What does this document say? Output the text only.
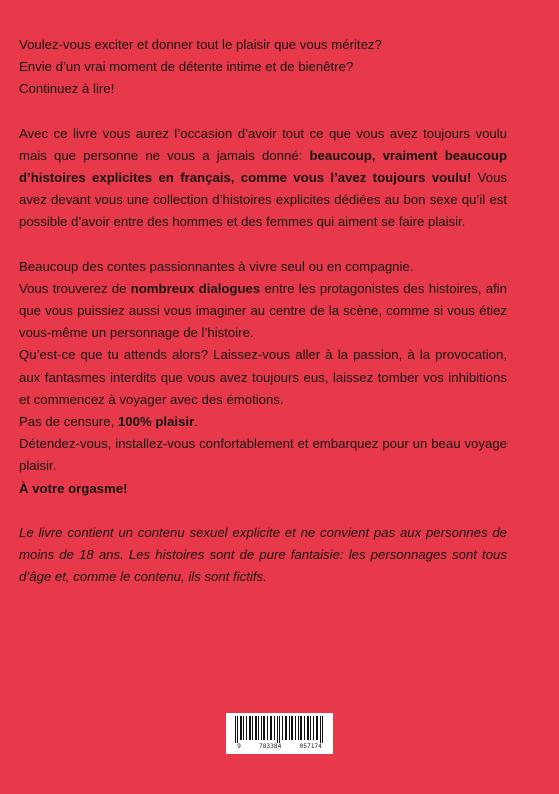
Voulez-vous exciter et donner tout le plaisir que vous méritez?

Envie d’un vrai moment de détente intime et de bienêtre?

Continuez à lire!

Avec ce livre vous aurez l’occasion d’avoir tout ce que vous avez toujours voulu mais que personne ne vous a jamais donné: beaucoup, vraiment beaucoup d’histoires explicites en français, comme vous l’avez toujours voulu! Vous avez devant vous une collection d’histoires explicites dédiées au bon sexe qu’il est possible d’avoir entre des hommes et des femmes qui aiment se faire plaisir.

Beaucoup des contes passionnantes à vivre seul ou en compagnie.

Vous trouverez de nombreux dialogues entre les protagonistes des histoires, afin que vous puissiez aussi vous imaginer au centre de la scène, comme si vous étiez vous-même un personnage de l’histoire.

Qu’est-ce que tu attends alors? Laissez-vous aller à la passion, à la provocation, aux fantasmes interdits que vous avez toujours eus, laissez tomber vos inhibitions et commencez à voyager avec des émotions.

Pas de censure, 100% plaisir.

Détendez-vous, installez-vous confortablement et embarquez pour un beau voyage plaisir.

À votre orgasme!

Le livre contient un contenu sexuel explicite et ne convient pas aux personnes de moins de 18 ans. Les histoires sont de pure fantaisie: les personnages sont tous d’âge et, comme le contenu, ils sont fictifs.

9	783384	057174
